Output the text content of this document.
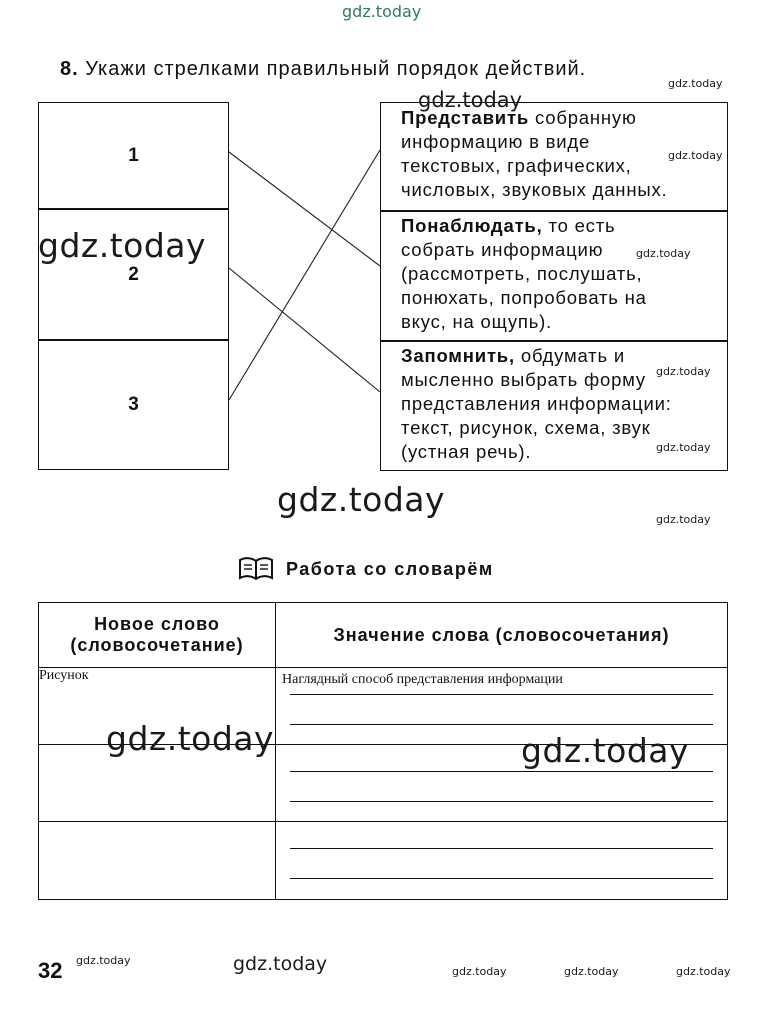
gdz.today
8. Укажи стрелками правильный порядок действий.
1
2
3
Представить собранную
информацию в виде
текстовых, графических,
числовых, звуковых данных.
Понаблюдать, то есть
собрать информацию
(рассмотреть, послушать,
понюхать, попробовать на
вкус, на ощупь).
Запомнить, обдумать и
мысленно выбрать форму
представления информации:
текст, рисунок, схема, звук
(устная речь).
Работа со словарём
Новое слово
(словосочетание)	Значение слова (словосочетания)
Рисунок	Наглядный способ представления информации

32
gdz.today
gdz.today
gdz.today	gdz.today
gdz.today
gdz.today
gdz.today
gdz.today
gdz.today
gdz.today
gdz.today
gdz.today
gdz.today
gdz.today	gdz.today	gdz.today
